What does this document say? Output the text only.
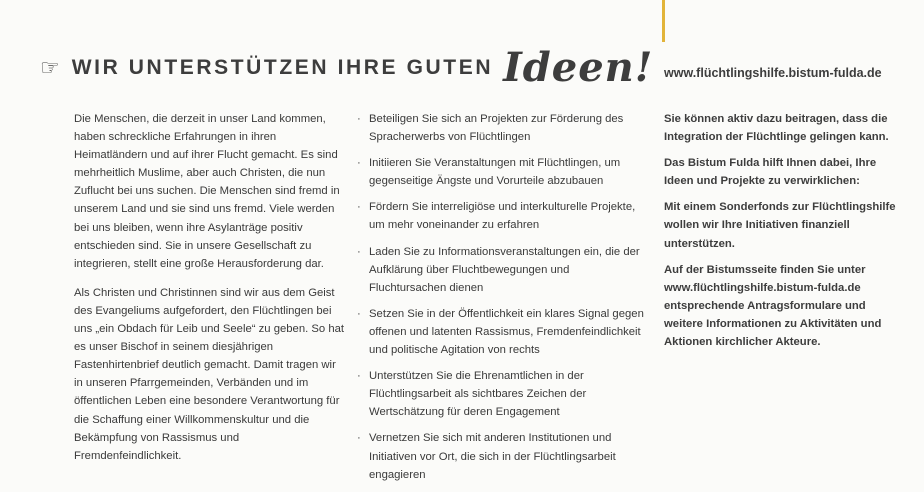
☞ WIR UNTERSTÜTZEN IHRE GUTEN Ideen! www.flüchtlingshilfe.bistum-fulda.de

Die Menschen, die derzeit in unser Land kommen, haben schreckliche Erfahrungen in ihren Heimatländern und auf ihrer Flucht gemacht. Es sind mehrheitlich Muslime, aber auch Christen, die nun Zuflucht bei uns suchen. Die Menschen sind fremd in unserem Land und sie sind uns fremd. Viele werden bei uns bleiben, wenn ihre Asylanträge positiv entschieden sind. Sie in unsere Gesellschaft zu integrieren, stellt eine große Herausforderung dar.

Als Christen und Christinnen sind wir aus dem Geist des Evangeliums aufgefordert, den Flüchtlingen bei uns „ein Obdach für Leib und Seele“ zu geben. So hat es unser Bischof in seinem diesjährigen Fastenhirtenbrief deutlich gemacht. Damit tragen wir in unseren Pfarrgemeinden, Verbänden und im öffentlichen Leben eine besondere Verantwortung für die Schaffung einer Willkommenskultur und die Bekämpfung von Rassismus und Fremdenfeindlichkeit.

· Beteiligen Sie sich an Projekten zur Förderung des Spracherwerbs von Flüchtlingen
· Initiieren Sie Veranstaltungen mit Flüchtlingen, um gegenseitige Ängste und Vorurteile abzubauen
· Fördern Sie interreligiöse und interkulturelle Projekte, um mehr voneinander zu erfahren
· Laden Sie zu Informationsveranstaltungen ein, die der Aufklärung über Fluchtbewegungen und Fluchtursachen dienen
· Setzen Sie in der Öffentlichkeit ein klares Signal gegen offenen und latenten Rassismus, Fremdenfeindlichkeit und politische Agitation von rechts
· Unterstützen Sie die Ehrenamtlichen in der Flüchtlingsarbeit als sichtbares Zeichen der Wertschätzung für deren Engagement
· Vernetzen Sie sich mit anderen Institutionen und Initiativen vor Ort, die sich in der Flüchtlingsarbeit engagieren

Sie können aktiv dazu beitragen, dass die Integration der Flüchtlinge gelingen kann.

Das Bistum Fulda hilft Ihnen dabei, Ihre Ideen und Projekte zu verwirklichen:

Mit einem Sonderfonds zur Flüchtlingshilfe wollen wir Ihre Initiativen finanziell unterstützen.

Auf der Bistumsseite finden Sie unter www.flüchtlingshilfe.bistum-fulda.de entsprechende Antragsformulare und weitere Informationen zu Aktivitäten und Aktionen kirchlicher Akteure.
